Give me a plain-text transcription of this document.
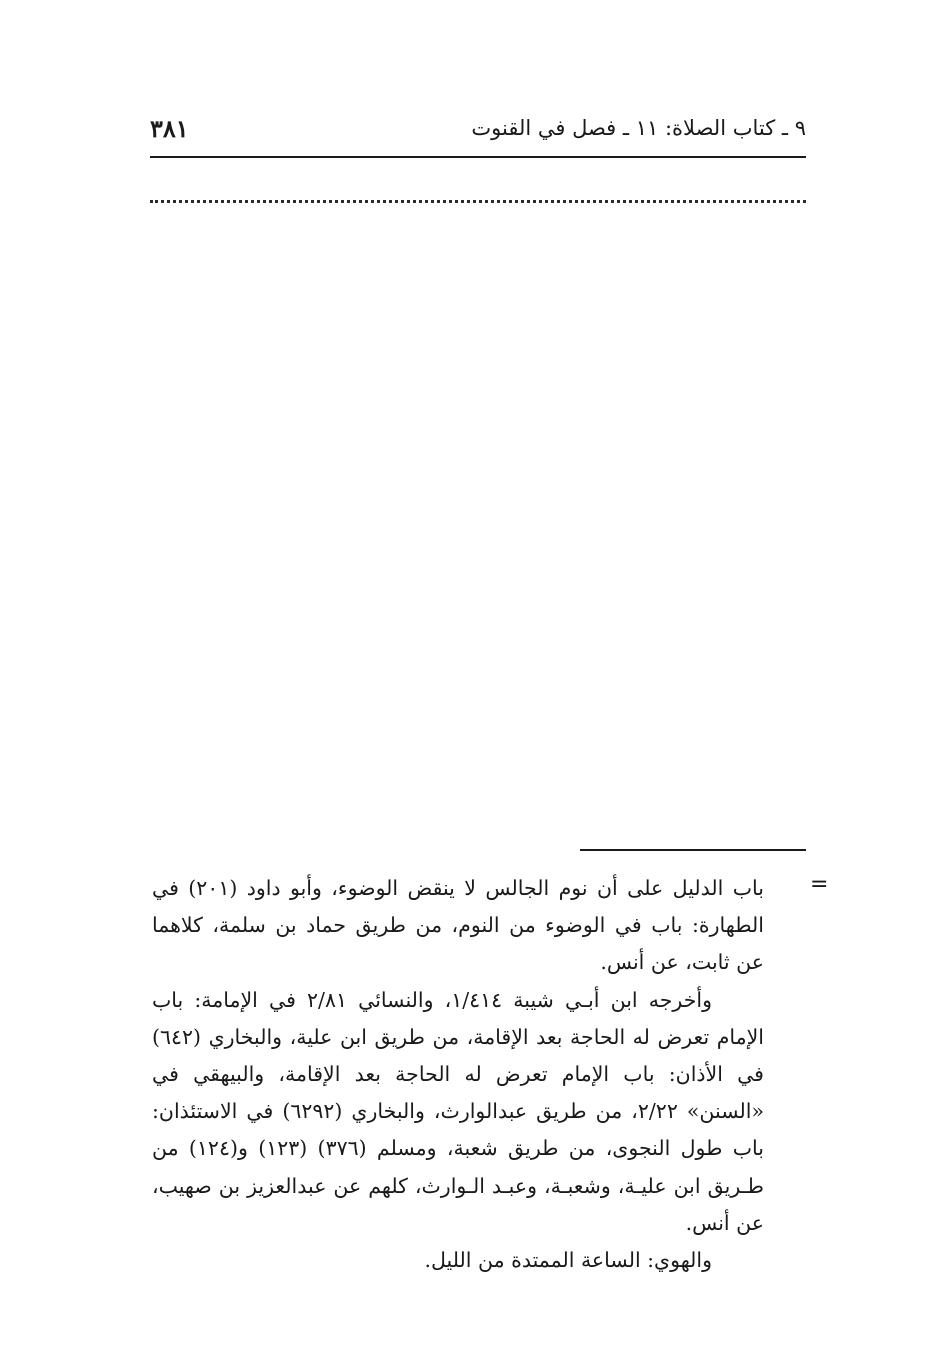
٩ ـ كتاب الصلاة: ١١ ـ فصل في القنوت
٣٨١
=

باب الدليل على أن نوم الجالس لا ينقض الوضوء، وأبو داود (٢٠١) في الطهارة: باب في الوضوء من النوم، من طريق حماد بن سلمة، كلاهما عن ثابت، عن أنس.

وأخرجه ابن أبـي شيبة ١/٤١٤، والنسائي ٢/٨١ في الإمامة: باب الإمام تعرض له الحاجة بعد الإقامة، من طريق ابن علية، والبخاري (٦٤٢) في الأذان: باب الإمام تعرض له الحاجة بعد الإقامة، والبيهقي في «السنن» ٢/٢٢، من طريق عبدالوارث، والبخاري (٦٢٩٢) في الاستئذان: باب طول النجوى، من طريق شعبة، ومسلم (٣٧٦) (١٢٣) و(١٢٤) من طـريق ابن عليـة، وشعبـة، وعبـد الـوارث، كلهم عن عبدالعزيز بن صهيب، عن أنس.

والهوي: الساعة الممتدة من الليل.
